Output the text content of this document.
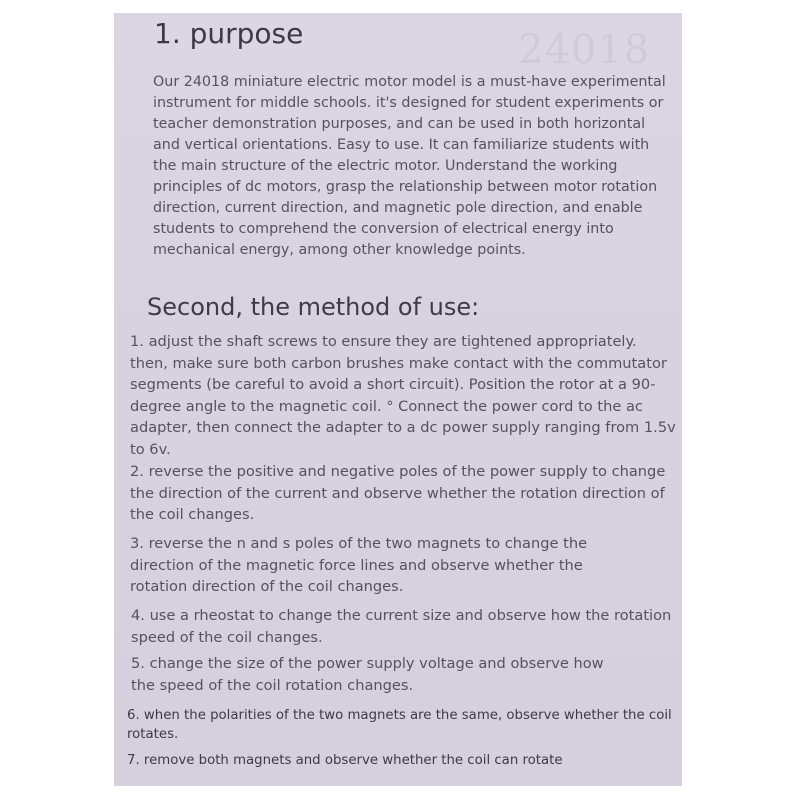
24018
1. purpose

Our 24018 miniature electric motor model is a must-have experimental instrument for middle schools. it's designed for student experiments or teacher demonstration purposes, and can be used in both horizontal and vertical orientations. Easy to use. It can familiarize students with the main structure of the electric motor. Understand the working principles of dc motors, grasp the relationship between motor rotation direction, current direction, and magnetic pole direction, and enable students to comprehend the conversion of electrical energy into mechanical energy, among other knowledge points.

Second, the method of use:

1. adjust the shaft screws to ensure they are tightened appropriately. then, make sure both carbon brushes make contact with the commutator segments (be careful to avoid a short circuit). Position the rotor at a 90-degree angle to the magnetic coil. ° Connect the power cord to the ac adapter, then connect the adapter to a dc power supply ranging from 1.5v to 6v.

2. reverse the positive and negative poles of the power supply to change the direction of the current and observe whether the rotation direction of the coil changes.

3. reverse the n and s poles of the two magnets to change the direction of the magnetic force lines and observe whether the rotation direction of the coil changes.

4. use a rheostat to change the current size and observe how the rotation speed of the coil changes.

5. change the size of the power supply voltage and observe how the speed of the coil rotation changes.

6. when the polarities of the two magnets are the same, observe whether the coil rotates.

7. remove both magnets and observe whether the coil can rotate
